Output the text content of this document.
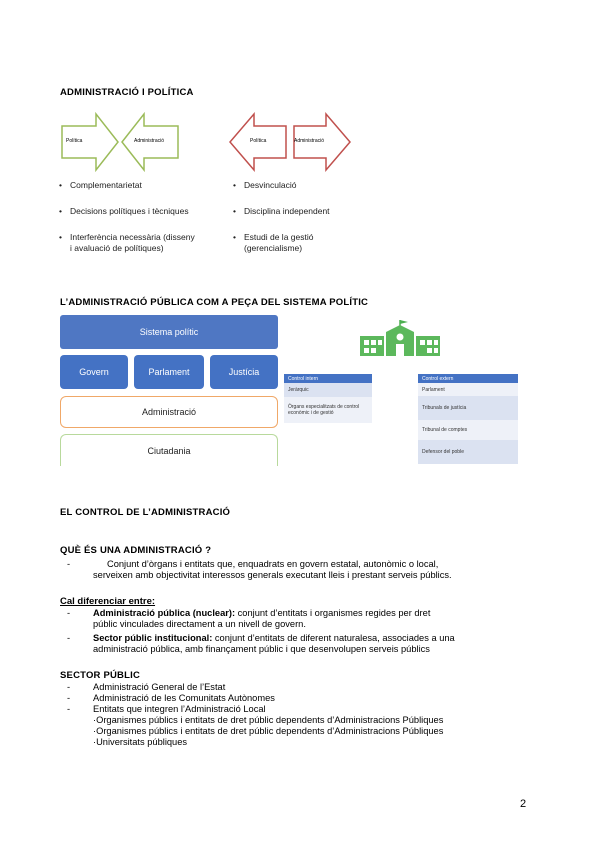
ADMINISTRACIÓ I POLÍTICA
Política	Administració	Política	Administració
• Complementarietat
• Decisions polítiques i tècniques
• Interferència necessària (disseny
i avaluació de polítiques)
• Desvinculació
• Disciplina independent
• Estudi de la gestió
(gerencialisme)
L’ADMINISTRACIÓ PÚBLICA COM A PEÇA DEL SISTEMA POLÍTIC
Sistema polític
Govern	Parlament	Justícia
Administració
Ciutadania
Control intern
Jeràrquic
Òrgans especialitzats de control econòmic i de gestió
Control extern
Parlament
Tribunals de justícia
Tribunal de comptes
Defensor del poble
EL CONTROL DE L’ADMINISTRACIÓ
QUÈ ÉS UNA ADMINISTRACIÓ ?
-	Conjunt d’òrgans i entitats que, enquadrats en govern estatal, autonòmic o local,
serveixen amb objectivitat interessos generals executant lleis i prestant serveis públics.
Cal diferenciar entre:
- Administració pública (nuclear): conjunt d’entitats i organismes regides per dret
públic vinculades directament a un nivell de govern.
- Sector públic institucional: conjunt d’entitats de diferent naturalesa, associades a una
administració pública, amb finançament públic i que desenvolupen serveis públics
SECTOR PÚBLIC
- Administració General de l’Estat
- Administració de les Comunitats Autònomes
- Entitats que integren l’Administració Local
·Organismes públics i entitats de dret públic dependents d’Administracions Públiques
·Organismes públics i entitats de dret públic dependents d’Administracions Públiques
·Universitats públiques
2
